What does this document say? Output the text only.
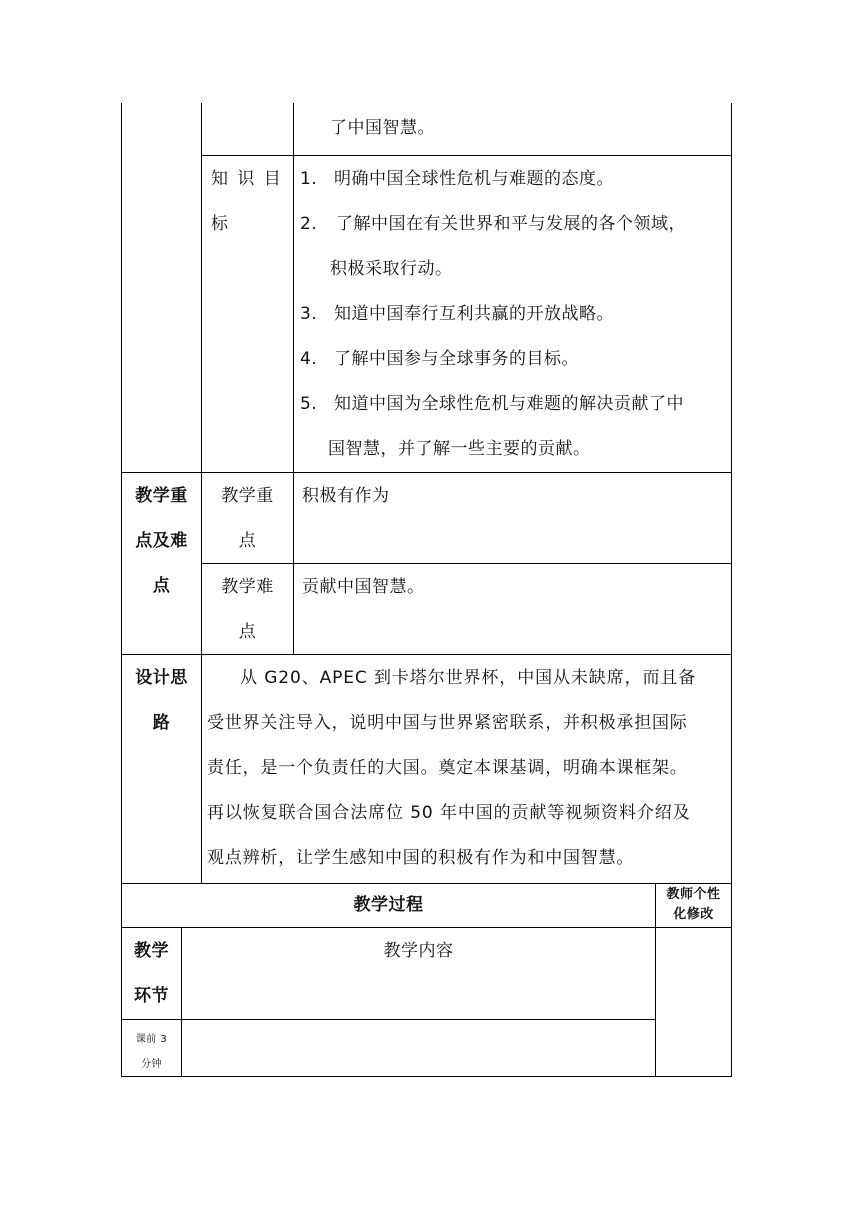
了中国智慧。
知 识 目
标
1. 明确中国全球性危机与难题的态度。
2. 了解中国在有关世界和平与发展的各个领域，
积极采取行动。
3. 知道中国奉行互利共赢的开放战略。
4. 了解中国参与全球事务的目标。
5. 知道中国为全球性危机与难题的解决贡献了中
国智慧，并了解一些主要的贡献。
教学重
点及难
点
教学重
点
积极有作为
教学难
点
贡献中国智慧。
设计思
路
从 G20、APEC 到卡塔尔世界杯，中国从未缺席，而且备
受世界关注导入，说明中国与世界紧密联系，并积极承担国际
责任，是一个负责任的大国。奠定本课基调，明确本课框架。
再以恢复联合国合法席位 50 年中国的贡献等视频资料介绍及
观点辨析，让学生感知中国的积极有作为和中国智慧。
教学过程
教师个性
化修改
教学
环节
教学内容
课前 3
分钟
